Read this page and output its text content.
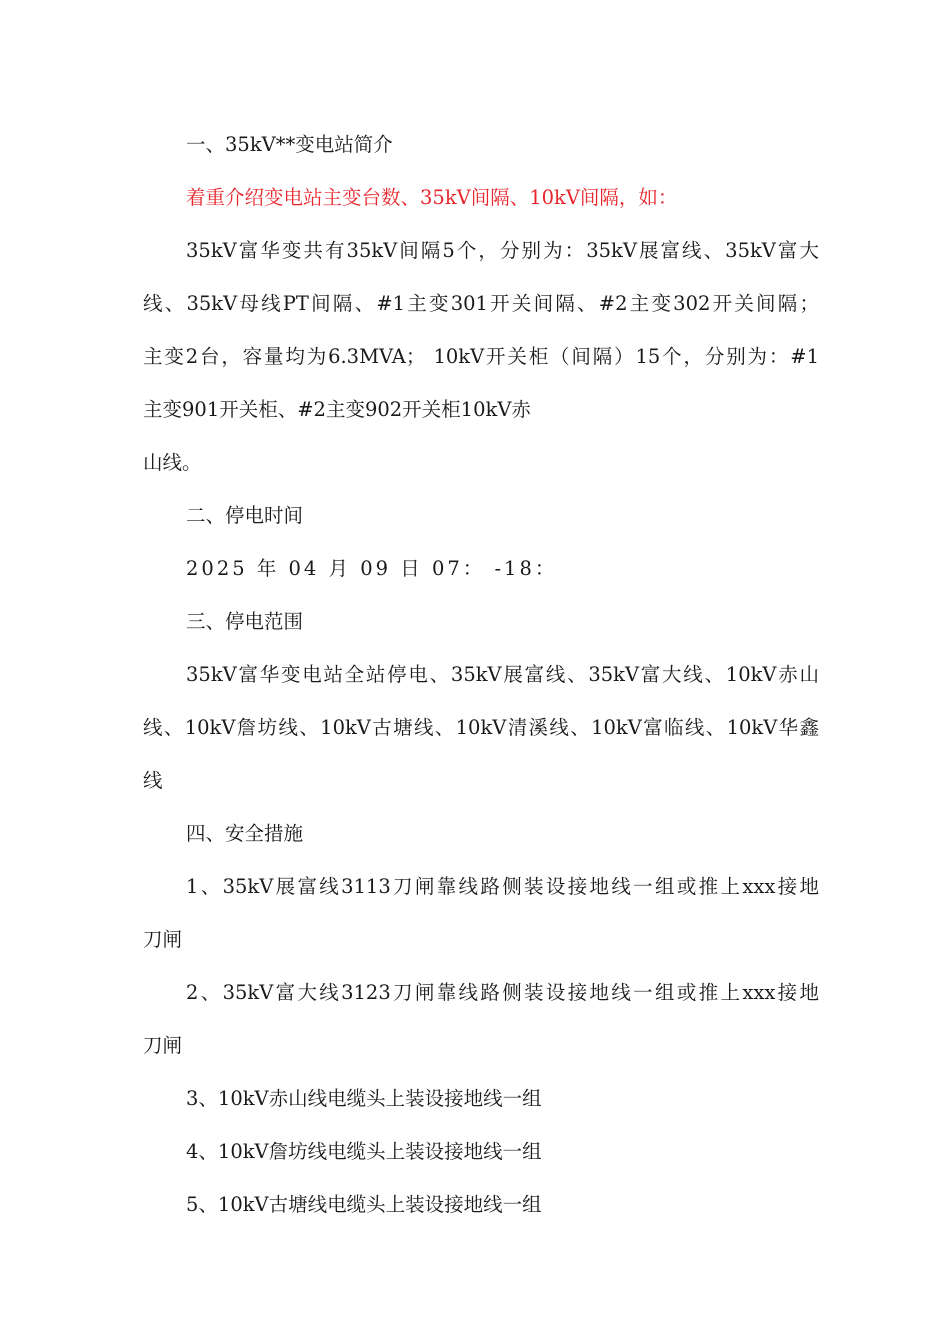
一、35kV**变电站简介
着重介绍变电站主变台数、35kV间隔、10kV间隔，如：
35kV富华变共有35kV间隔5个，分别为：35kV展富线、35kV富大
线、35kV母线PT间隔、#1主变301开关间隔、#2主变302开关间隔；
主变2台，容量均为6.3MVA； 10kV开关柜（间隔）15个，分别为：#1
主变901开关柜、#2主变902开关柜10kV赤
山线。
二、停电时间
2025 年 04 月 09 日 07： -18：
三、停电范围
35kV富华变电站全站停电、35kV展富线、35kV富大线、10kV赤山
线、10kV詹坊线、10kV古塘线、10kV清溪线、10kV富临线、10kV华鑫
线
四、安全措施
1、35kV展富线3113刀闸靠线路侧装设接地线一组或推上xxx接地
刀闸
2、35kV富大线3123刀闸靠线路侧装设接地线一组或推上xxx接地
刀闸
3、10kV赤山线电缆头上装设接地线一组
4、10kV詹坊线电缆头上装设接地线一组
5、10kV古塘线电缆头上装设接地线一组
